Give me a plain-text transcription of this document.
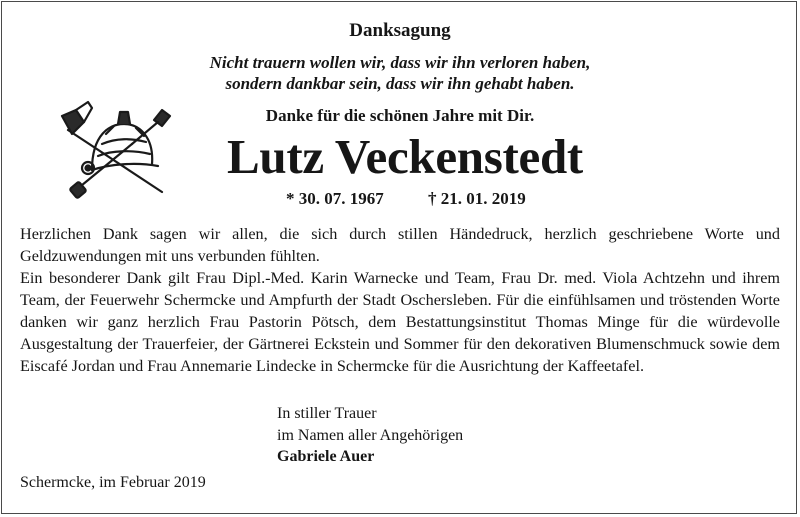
Danksagung
Nicht trauern wollen wir, dass wir ihn verloren haben,
sondern dankbar sein, dass wir ihn gehabt haben.
Danke für die schönen Jahre mit Dir.
Lutz Veckenstedt
* 30. 07. 1967	† 21. 01. 2019

Herzlichen Dank sagen wir allen, die sich durch stillen Händedruck, herzlich geschriebene Worte und Geldzuwendungen mit uns verbunden fühlten.

Ein besonderer Dank gilt Frau Dipl.-Med. Karin Warnecke und Team, Frau Dr. med. Viola Achtzehn und ihrem Team, der Feuerwehr Schermcke und Ampfurth der Stadt Oschersleben. Für die einfühlsamen und tröstenden Worte danken wir ganz herzlich Frau Pastorin Pötsch, dem Bestattungsinstitut Thomas Minge für die würdevolle Ausgestaltung der Trauerfeier, der Gärtnerei Eckstein und Sommer für den dekorativen Blumenschmuck sowie dem Eiscafé Jordan und Frau Annemarie Lindecke in Schermcke für die Ausrichtung der Kaffeetafel.

In stiller Trauer
im Namen aller Angehörigen
Gabriele Auer
Schermcke, im Februar 2019
